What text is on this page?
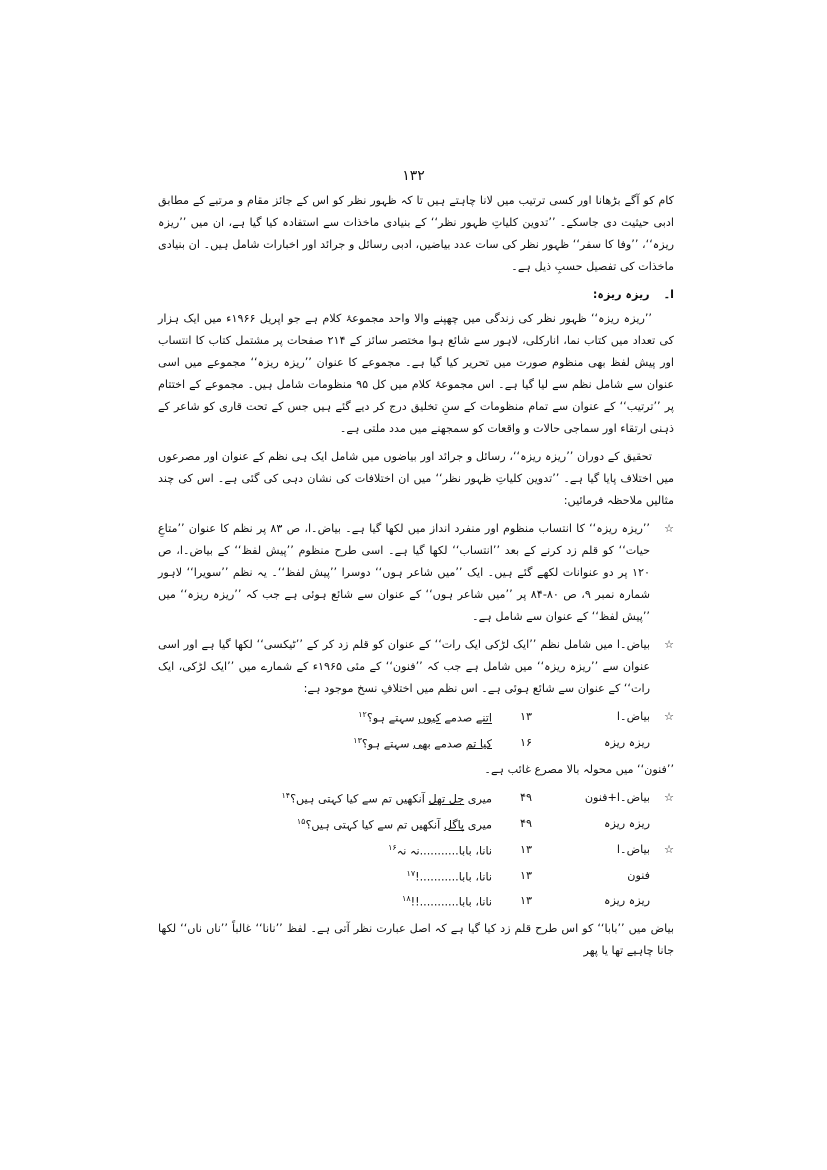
۱۳۲

کام کو آگے بڑھانا اور کسی ترتیب میں لانا چاہتے ہیں تا کہ ظہور نظر کو اس کے جائز مقام و مرتبے کے مطابق ادبی حیثیت دی جاسکے۔ ’’تدوین کلیاتِ ظہور نظر‘‘ کے بنیادی ماخذات سے استفادہ کیا گیا ہے، ان میں ’’ریزہ ریزہ‘‘، ’’وفا کا سفر‘‘ ظہور نظر کی سات عدد بیاضیں، ادبی رسائل و جرائد اور اخبارات شامل ہیں۔ ان بنیادی ماخذات کی تفصیل حسبِ ذیل ہے۔

ا۔
ریزہ ریزہ:

’’ریزہ ریزہ‘‘ ظہور نظر کی زندگی میں چھپنے والا واحد مجموعۂ کلام ہے جو اپریل ۱۹۶۶ء میں ایک ہزار کی تعداد میں کتاب نما، انارکلی، لاہور سے شائع ہوا مختصر سائز کے ۲۱۴ صفحات پر مشتمل کتاب کا انتساب اور پیش لفظ بھی منظوم صورت میں تحریر کیا گیا ہے۔ مجموعے کا عنوان ’’ریزہ ریزہ‘‘ مجموعے میں اسی عنوان سے شامل نظم سے لیا گیا ہے۔ اس مجموعۂ کلام میں کل ۹۵ منظومات شامل ہیں۔ مجموعے کے اختتام پر ’’ترتیب‘‘ کے عنوان سے تمام منظومات کے سنِ تخلیق درج کر دیے گئے ہیں جس کے تحت قاری کو شاعر کے ذہنی ارتقاء اور سماجی حالات و واقعات کو سمجھنے میں مدد ملتی ہے۔

تحقیق کے دوران ’’ریزہ ریزہ‘‘، رسائل و جرائد اور بیاضوں میں شامل ایک ہی نظم کے عنوان اور مصرعوں میں اختلاف پایا گیا ہے۔ ’’تدوین کلیاتِ ظہور نظر‘‘ میں ان اختلافات کی نشان دہی کی گئی ہے۔ اس کی چند مثالیں ملاحظہ فرمائیں:

☆
’’ریزہ ریزہ‘‘ کا انتساب منظوم اور منفرد انداز میں لکھا گیا ہے۔ بیاض۔ا، ص ۸۳ پر نظم کا عنوان ’’متاعِ حیات‘‘ کو قلم زد کرنے کے بعد ’’انتساب‘‘ لکھا گیا ہے۔ اسی طرح منظوم ’’پیش لفظ‘‘ کے بیاض۔ا، ص ۱۲۰ پر دو عنوانات لکھے گئے ہیں۔ ایک ’’میں شاعر ہوں‘‘ دوسرا ’’پیش لفظ‘‘۔ یہ نظم ’’سویرا‘‘ لاہور شمارہ نمبر ۹، ص ۸۰-۸۴ پر ’’میں شاعر ہوں‘‘ کے عنوان سے شائع ہوئی ہے جب کہ ’’ریزہ ریزہ‘‘ میں ’’پیش لفظ‘‘ کے عنوان سے شامل ہے۔
☆
بیاض۔ا میں شامل نظم ’’ایک لڑکی ایک رات‘‘ کے عنوان کو قلم زد کر کے ’’ٹیکسی‘‘ لکھا گیا ہے اور اسی عنوان سے ’’ریزہ ریزہ‘‘ میں شامل ہے جب کہ ’’فنون‘‘ کے مئی ۱۹۶۵ء کے شمارے میں ’’ایک لڑکی، ایک رات‘‘ کے عنوان سے شائع ہوئی ہے۔ اس نظم میں اختلافِ نسخ موجود ہے:
☆	بیاض۔ا	۱۳	اتنے صدمے کیوں سہتے ہو؟$^{۱۲}$
	ریزہ ریزہ	۱۶	کیا تم صدمے بھی سہتے ہو؟$^{۱۳}$

’’فنون‘‘ میں محولہ بالا مصرع غائب ہے۔

☆	بیاض۔ا+فنون	۴۹	میری جل تھل آنکھیں تم سے کیا کہتی ہیں؟$^{۱۴}$
	ریزہ ریزہ	۴۹	میری پاگل آنکھیں تم سے کیا کہتی ہیں؟$^{۱۵}$
☆	بیاض۔ا	۱۳	نانا، بابا...........نہ نہ$^{۱۶}$
	فنون	۱۳	نانا، بابا...........!$^{۱۷}$
	ریزہ ریزہ	۱۳	نانا، بابا...........!!$^{۱۸}$

بیاض میں ’’بابا‘‘ کو اس طرح قلم زد کیا گیا ہے کہ اصل عبارت نظر آتی ہے۔ لفظ ’’نانا‘‘ غالباً ’’ناں ناں‘‘ لکھا جانا چاہیے تھا یا پھر
